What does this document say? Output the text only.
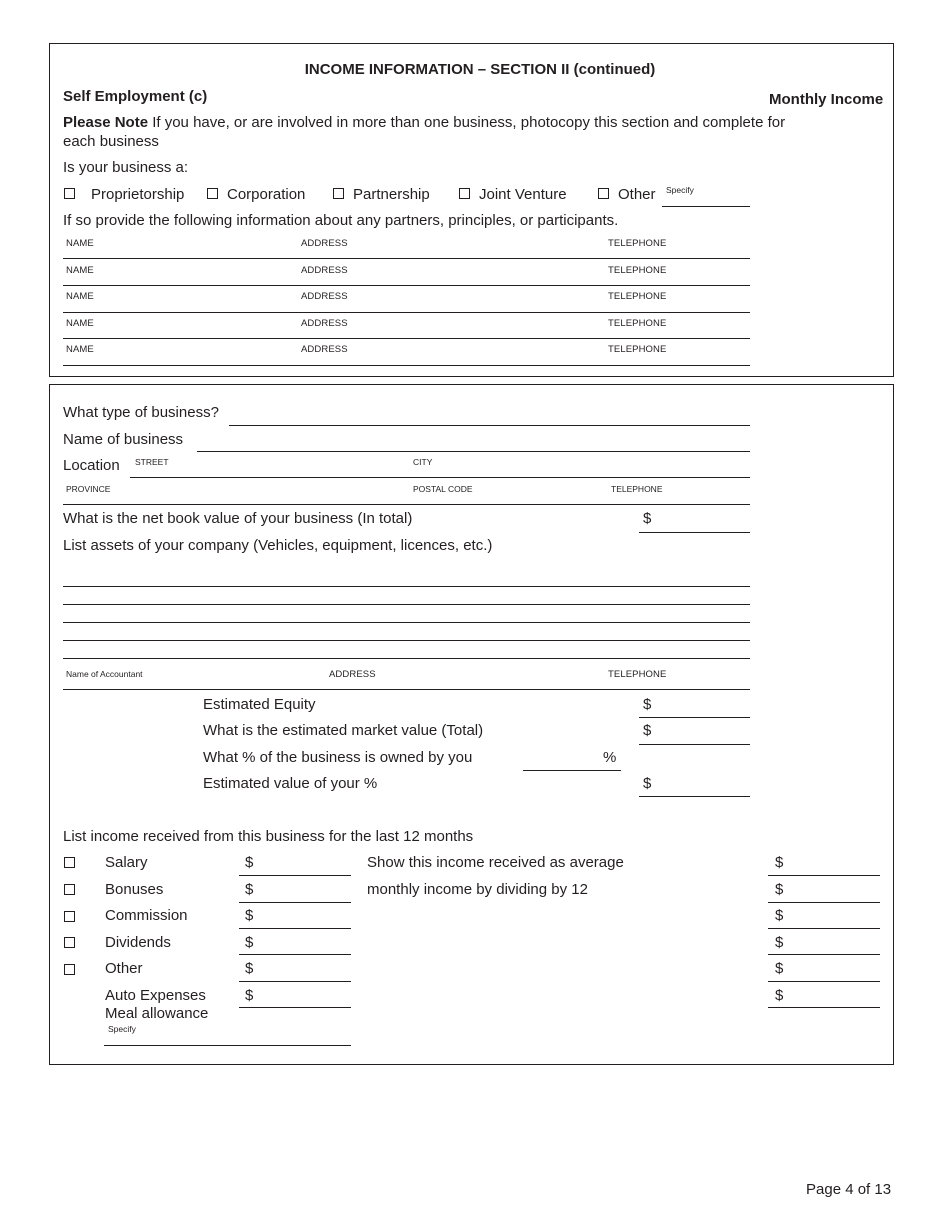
INCOME INFORMATION – SECTION II (continued)
Self Employment (c)	Monthly Income
Please Note If you have, or are involved in more than one business, photocopy this section and complete for
each business
Is your business a:
Proprietorship	Corporation	Partnership	Joint Venture	Other Specify
If so provide the following information about any partners, principles, or participants.
NAME	ADDRESS	TELEPHONE
NAME	ADDRESS	TELEPHONE
NAME	ADDRESS	TELEPHONE
NAME	ADDRESS	TELEPHONE
NAME	ADDRESS	TELEPHONE
What type of business?
Name of business
Location STREET	CITY
PROVINCE	POSTAL CODE	TELEPHONE
What is the net book value of your business (In total)	$
List assets of your company (Vehicles, equipment, licences, etc.)
Name of Accountant	ADDRESS	TELEPHONE
Estimated Equity	$
What is the estimated market value (Total)	$
What % of the business is owned by you	%
Estimated value of your %	$
List income received from this business for the last 12 months
Show this income received as average
monthly income by dividing by 12
Salary	$	$
Bonuses	$	$
Commission	$	$
Dividends	$	$
Other	$	$
Auto Expenses	$	$
Meal allowance
Specify
Page 4 of 13
